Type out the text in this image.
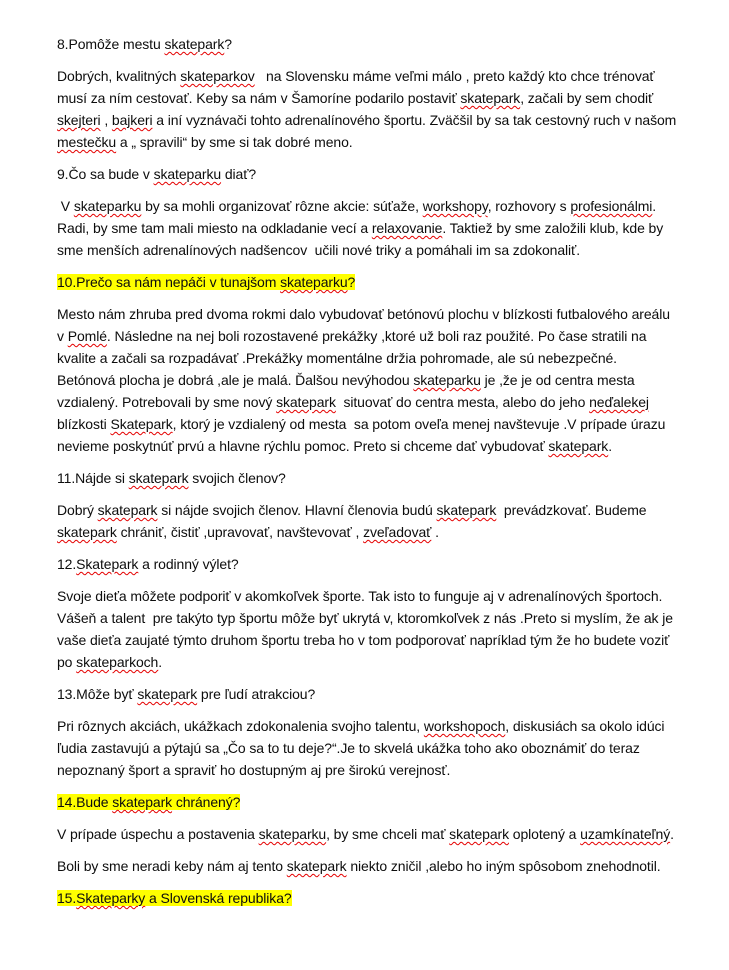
8.Pomôže mestu skatepark?

Dobrých, kvalitných skateparkov   na Slovensku máme veľmi málo , preto každý kto chce trénovať musí za ním cestovať. Keby sa nám v Šamoríne podarilo postaviť skatepark, začali by sem chodiť skejteri , bajkeri a iní vyznávači tohto adrenalínového športu. Zväčšil by sa tak cestovný ruch v našom mestečku a „ spravili“ by sme si tak dobré meno.

9.Čo sa bude v skateparku diať?

V skateparku by sa mohli organizovať rôzne akcie: súťaže, workshopy, rozhovory s profesionálmi. Radi, by sme tam mali miesto na odkladanie vecí a relaxovanie. Taktiež by sme založili klub, kde by sme menších adrenalínových nadšencov  učili nové triky a pomáhali im sa zdokonaliť.

10.Prečo sa nám nepáči v tunajšom skateparku?

Mesto nám zhruba pred dvoma rokmi dalo vybudovať betónovú plochu v blízkosti futbalového areálu v Pomlé. Následne na nej boli rozostavené prekážky ,ktoré už boli raz použité. Po čase stratili na kvalite a začali sa rozpadávať .Prekážky momentálne držia pohromade, ale sú nebezpečné. Betónová plocha je dobrá ,ale je malá. Ďalšou nevýhodou skateparku je ,že je od centra mesta vzdialený. Potrebovali by sme nový skatepark  situovať do centra mesta, alebo do jeho neďalekej blízkosti Skatepark, ktorý je vzdialený od mesta  sa potom oveľa menej navštevuje .V prípade úrazu nevieme poskytnúť prvú a hlavne rýchlu pomoc. Preto si chceme dať vybudovať skatepark.

11.Nájde si skatepark svojich členov?

Dobrý skatepark si nájde svojich členov. Hlavní členovia budú skatepark  prevádzkovať. Budeme skatepark chrániť, čistiť ,upravovať, navštevovať , zveľadovať .

12.Skatepark a rodinný výlet?

Svoje dieťa môžete podporiť v akomkoľvek športe. Tak isto to funguje aj v adrenalínových športoch. Vášeň a talent  pre takýto typ športu môže byť ukrytá v, ktoromkoľvek z nás .Preto si myslím, že ak je vaše dieťa zaujaté týmto druhom športu treba ho v tom podporovať napríklad tým že ho budete voziť po skateparkoch.

13.Môže byť skatepark pre ľudí atrakciou?

Pri rôznych akciách, ukážkach zdokonalenia svojho talentu, workshopoch, diskusiách sa okolo idúci ľudia zastavujú a pýtajú sa „Čo sa to tu deje?“.Je to skvelá ukážka toho ako oboznámiť do teraz nepoznaný šport a spraviť ho dostupným aj pre širokú verejnosť.

14.Bude skatepark chránený?

V prípade úspechu a postavenia skateparku, by sme chceli mať skatepark oplotený a uzamkínateľný.

Boli by sme neradi keby nám aj tento skatepark niekto zničil ,alebo ho iným spôsobom znehodnotil.

15.Skateparky a Slovenská republika?
